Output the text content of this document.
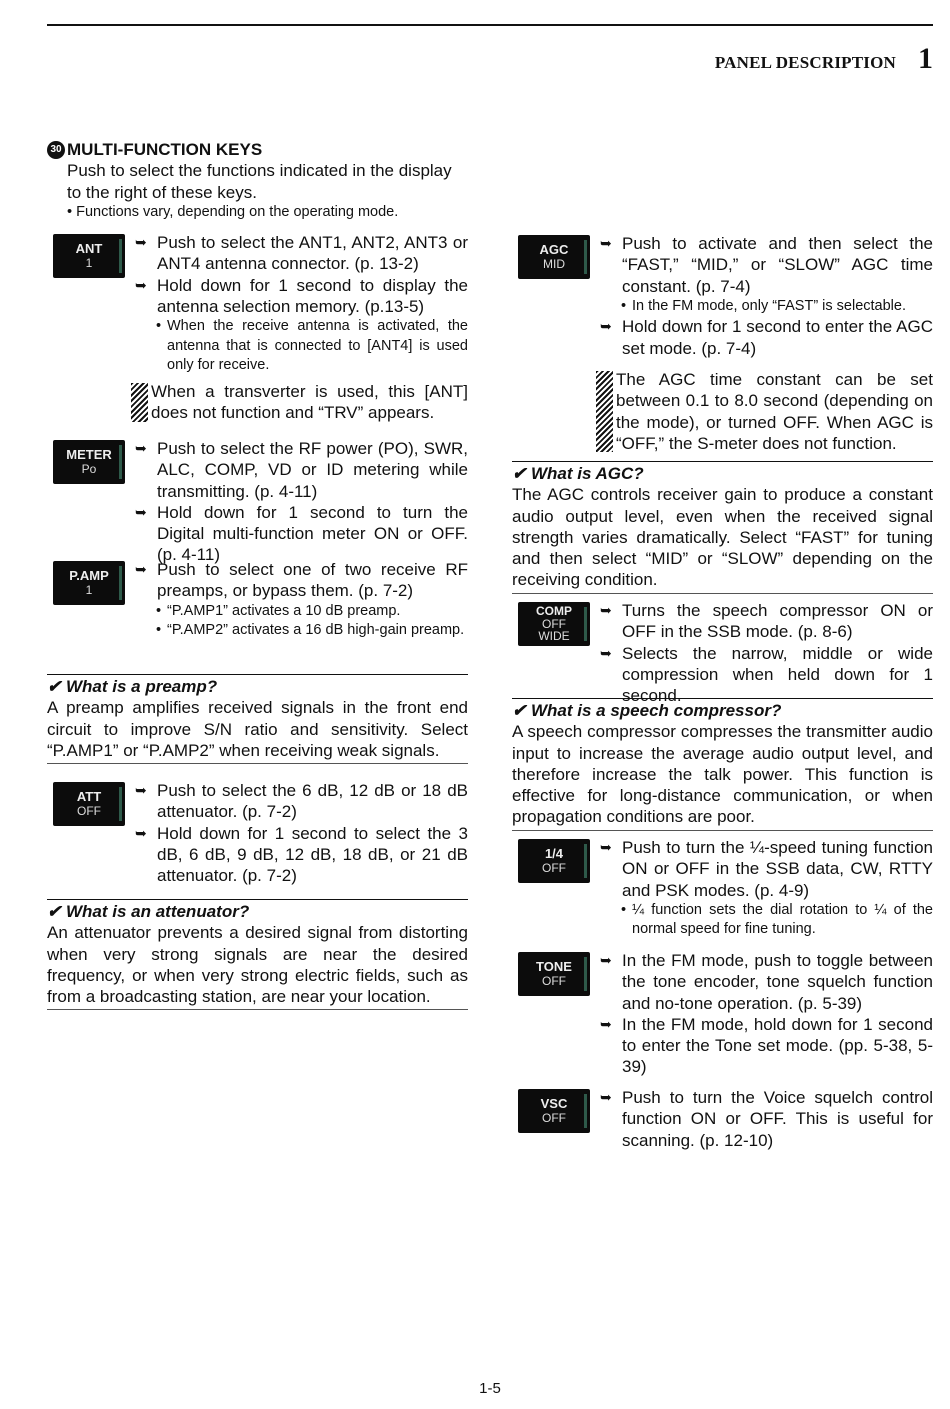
PANEL DESCRIPTION 1
30 MULTI-FUNCTION KEYS
Push to select the functions indicated in the display to the right of these keys.
• Functions vary, depending on the operating mode.
ANT
1
➥ Push to select the ANT1, ANT2, ANT3 or ANT4 antenna connector. (p. 13-2)
➥ Hold down for 1 second to display the antenna selection memory. (p.13-5)
• When the receive antenna is activated, the antenna that is connected to [ANT4] is used only for receive.
When a transverter is used, this [ANT] does not function and “TRV” appears.
METER
Po
➥ Push to select the RF power (PO), SWR, ALC, COMP, VD or ID metering while transmitting. (p. 4-11)
➥ Hold down for 1 second to turn the Digital multi-function meter ON or OFF. (p. 4-11)
P.AMP
1
➥ Push to select one of two receive RF preamps, or bypass them. (p. 7-2)
• “P.AMP1” activates a 10 dB preamp.
• “P.AMP2” activates a 16 dB high-gain preamp.
✔ What is a preamp?
A preamp amplifies received signals in the front end circuit to improve S/N ratio and sensitivity. Select “P.AMP1” or “P.AMP2” when receiving weak signals.
ATT
OFF
➥ Push to select the 6 dB, 12 dB or 18 dB attenuator. (p. 7-2)
➥ Hold down for 1 second to select the 3 dB, 6 dB, 9 dB, 12 dB, 18 dB, or 21 dB attenuator. (p. 7-2)
✔ What is an attenuator?
An attenuator prevents a desired signal from distorting when very strong signals are near the desired frequency, or when very strong electric fields, such as from a broadcasting station, are near your location.
AGC
MID
➥ Push to activate and then select the “FAST,” “MID,” or “SLOW” AGC time constant. (p. 7-4)
• In the FM mode, only “FAST” is selectable.
➥ Hold down for 1 second to enter the AGC set mode. (p. 7-4)
The AGC time constant can be set between 0.1 to 8.0 second (depending on the mode), or turned OFF. When AGC is “OFF,” the S-meter does not function.
✔ What is AGC?
The AGC controls receiver gain to produce a constant audio output level, even when the received signal strength varies dramatically. Select “FAST” for tuning and then select “MID” or “SLOW” depending on the receiving condition.
COMP
OFF
WIDE
➥ Turns the speech compressor ON or OFF in the SSB mode. (p. 8-6)
➥ Selects the narrow, middle or wide compression when held down for 1 second.
✔ What is a speech compressor?
A speech compressor compresses the transmitter audio input to increase the average audio output level, and therefore increase the talk power. This function is effective for long-distance communication, or when propagation conditions are poor.
1/4
OFF
➥ Push to turn the ¼-speed tuning function ON or OFF in the SSB data, CW, RTTY and PSK modes. (p. 4-9)
• ¼ function sets the dial rotation to ¼ of the normal speed for fine tuning.
TONE
OFF
➥ In the FM mode, push to toggle between the tone encoder, tone squelch function and no-tone operation. (p. 5-39)
➥ In the FM mode, hold down for 1 second to enter the Tone set mode. (pp. 5-38, 5-39)
VSC
OFF
➥ Push to turn the Voice squelch control function ON or OFF. This is useful for scanning. (p. 12-10)
1-5
